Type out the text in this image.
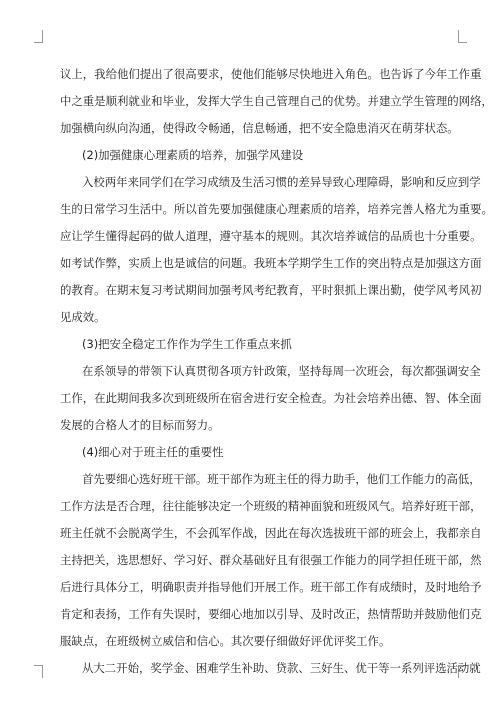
议上，我给他们提出了很高要求，使他们能够尽快地进入角色。也告诉了今年工作重
中之重是顺利就业和毕业，发挥大学生自己管理自己的优势。并建立学生管理的网络，
加强横向纵向沟通，使得政令畅通，信息畅通，把不安全隐患消灭在萌芽状态。
(2)加强健康心理素质的培养，加强学风建设
入校两年来同学们在学习成绩及生活习惯的差异导致心理障碍，影响和反应到学
生的日常学习生活中。所以首先要加强健康心理素质的培养，培养完善人格尤为重要。
应让学生懂得起码的做人道理，遵守基本的规则。其次培养诚信的品质也十分重要。
如考试作弊，实质上也是诚信的问题。我班本学期学生工作的突出特点是加强这方面
的教育。在期末复习考试期间加强考风考纪教育，平时狠抓上课出勤，使学风考风初
见成效。
(3)把安全稳定工作作为学生工作重点来抓
在系领导的带领下认真贯彻各项方针政策，坚持每周一次班会，每次都强调安全
工作，在此期间我多次到班级所在宿舍进行安全检查。为社会培养出德、智、体全面
发展的合格人才的目标而努力。
(4)细心对于班主任的重要性
首先要细心选好班干部。班干部作为班主任的得力助手，他们工作能力的高低，
工作方法是否合理，往往能够决定一个班级的精神面貌和班级风气。培养好班干部，
班主任就不会脱离学生，不会孤军作战，因此在每次选拔班干部的班会上，我都亲自
主持把关，选思想好、学习好、群众基础好且有很强工作能力的同学担任班干部，然
后进行具体分工，明确职责并指导他们开展工作。班干部工作有成绩时，及时地给予
肯定和表扬，工作有失误时，要细心地加以引导、及时改正，热情帮助并鼓励他们克
服缺点，在班级树立威信和信心。其次要仔细做好评优评奖工作。
从大二开始，奖学金、困难学生补助、贷款、三好生、优干等一系列评选活动就
